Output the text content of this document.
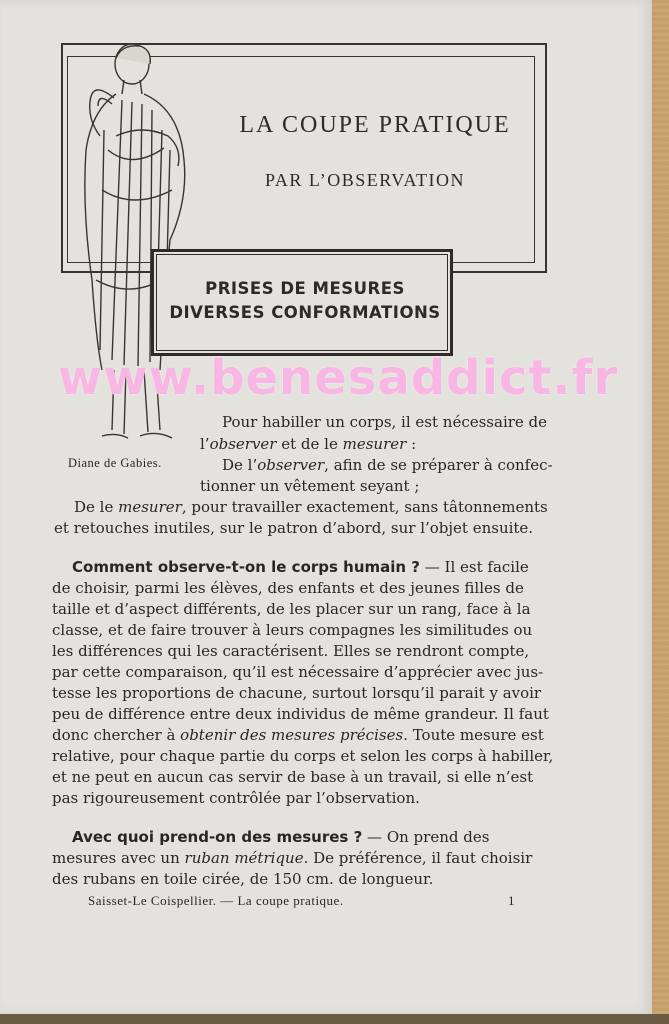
LA COUPE PRATIQUE
PAR L’OBSERVATION
PRISES DE MESURES
DIVERSES CONFORMATIONS
Diane de Gabies.
Pour habiller un corps, il est nécessaire de
l’observer et de le mesurer :
De l’observer, afin de se préparer à confec-
tionner un vêtement seyant ;
De le mesurer, pour travailler exactement, sans tâtonnements
et retouches inutiles, sur le patron d’abord, sur l’objet ensuite.
Comment observe-t-on le corps humain ? — Il est facile
de choisir, parmi les élèves, des enfants et des jeunes filles de
taille et d’aspect différents, de les placer sur un rang, face à la
classe, et de faire trouver à leurs compagnes les similitudes ou
les différences qui les caractérisent. Elles se rendront compte,
par cette comparaison, qu’il est nécessaire d’apprécier avec jus-
tesse les proportions de chacune, surtout lorsqu’il parait y avoir
peu de différence entre deux individus de même grandeur. Il faut
donc chercher à obtenir des mesures précises. Toute mesure est
relative, pour chaque partie du corps et selon les corps à habiller,
et ne peut en aucun cas servir de base à un travail, si elle n’est
pas rigoureusement contrôlée par l’observation.
Avec quoi prend-on des mesures ? — On prend des
mesures avec un ruban métrique. De préférence, il faut choisir
des rubans en toile cirée, de 150 cm. de longueur.
Saisset-Le Coispellier. — La coupe pratique.	1
www.benesaddict.fr
